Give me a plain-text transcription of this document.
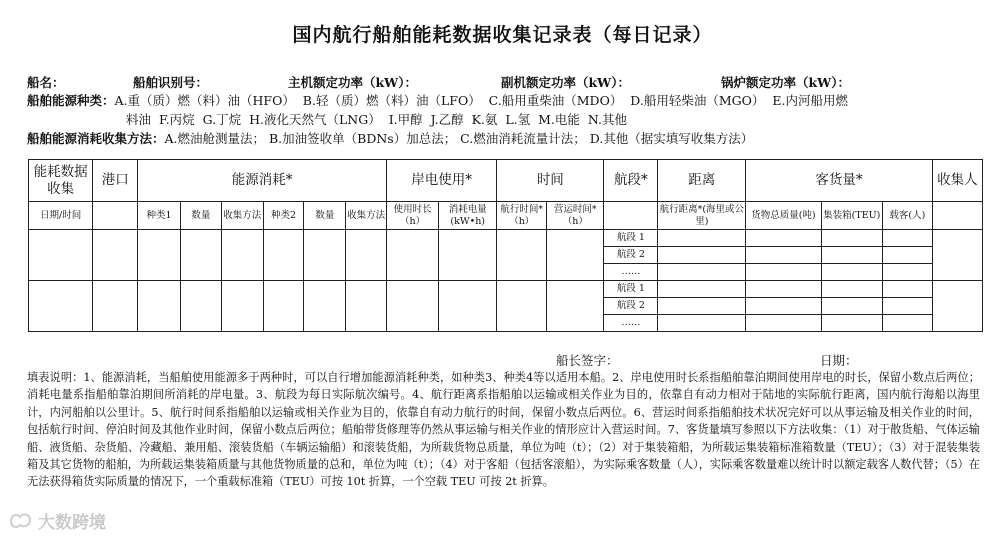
国内航行船舶能耗数据收集记录表（每日记录）
船名：	船舶识别号：	主机额定功率（kW）：	副机额定功率（kW）：	锅炉额定功率（kW）：
船舶能源种类：A.重（质）燃（料）油（HFO） B.轻（质）燃（料）油（LFO） C.船用重柴油（MDO） D.船用轻柴油（MGO） E.内河船用燃
料油 F.丙烷 G.丁烷 H.液化天然气（LNG） I.甲醇 J.乙醇 K.氨 L.氢 M.电能 N.其他
船舶能源消耗收集方法：A.燃油舱测量法； B.加油签收单（BDNs）加总法； C.燃油消耗流量计法； D.其他（据实填写收集方法）
能耗数据收集	港口	能源消耗*						岸电使用*		时间		航段*	距离	客货量*			收集人
日期/时间		种类1	数量	收集方法	种类2	数量	收集方法	使用时长（h）	消耗电量(kW•h)	航行时间*（h）	营运时间*（h）		航行距离*(海里或公里)	货物总质量(吨)	集装箱(TEU)	载客(人)	
												航段 1					
												航段 2					
												……					
												航段 1					
												航段 2					
												……					
船长签字：	日期：
填表说明：1、能源消耗，当船舶使用能源多于两种时，可以自行增加能源消耗种类，如种类3、种类4等以适用本船。2、岸电使用时长系指船舶靠泊期间使用岸电的时长，保留小数点后两位；消耗电量系指船舶靠泊期间所消耗的岸电量。3、航段为每日实际航次编号。4、航行距离系指船舶以运输或相关作业为目的，依靠自有动力相对于陆地的实际航行距离，国内航行海船以海里计，内河船舶以公里计。5、航行时间系指船舶以运输或相关作业为目的，依靠自有动力航行的时间，保留小数点后两位。6、营运时间系指船舶技术状况完好可以从事运输及相关作业的时间，包括航行时间、停泊时间及其他作业时间，保留小数点后两位；船舶带货修理等仍然从事运输与相关作业的情形应计入营运时间。7、客货量填写参照以下方法收集：（1）对于散货船、气体运输船、液货船、杂货船、冷藏船、兼用船、滚装货船（车辆运输船）和滚装货船，为所载货物总质量，单位为吨（t）；（2）对于集装箱船，为所载运集装箱标准箱数量（TEU）；（3）对于混装集装箱及其它货物的船舶，为所载运集装箱质量与其他货物质量的总和，单位为吨（t）；（4）对于客船（包括客滚船），为实际乘客数量（人），实际乘客数量难以统计时以额定载客人数代替；（5）在无法获得箱货实际质量的情况下，一个重载标准箱（TEU）可按 10t 折算，一个空载 TEU 可按 2t 折算。
大数跨境
